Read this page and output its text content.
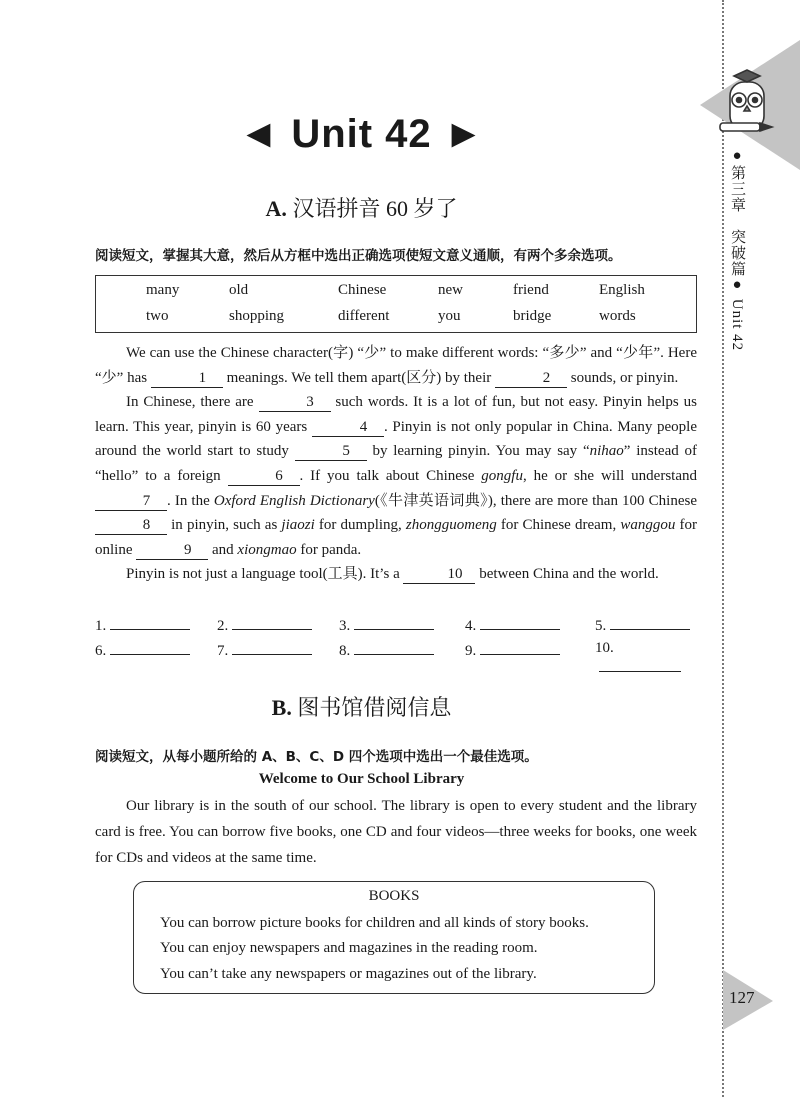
●第三章　突破篇● Unit 42
127
◄ Unit 42 ►
A. 汉语拼音 60 岁了
阅读短文，掌握其大意，然后从方框中选出正确选项使短文意义通顺，有两个多余选项。
many	old	Chinese	new	friend	English
two	shopping	different	you	bridge	words

We can use the Chinese character(字) “少” to make different words: “多少” and “少年”. Here “少” has	1 meanings. We tell them apart(区分) by their	2 sounds, or pinyin.

In Chinese, there are	3 such words. It is a lot of fun, but not easy. Pinyin helps us learn. This year, pinyin is 60 years	4 . Pinyin is not only popular in China. Many people around the world start to study	5 by learning pinyin. You may say “nihao” instead of “hello” to a foreign	6 . If you talk about Chinese gongfu, he or she will understand 7 . In the Oxford English Dictionary(《牛津英语词典》), there are more than 100 Chinese 8 in pinyin, such as jiaozi for dumpling, zhongguomeng for Chinese dream, wanggou for online	9 and xiongmao for panda.

Pinyin is not just a language tool(工具). It’s a	10 between China and the world.

1.	2.	3.	4.	5.
6.	7.	8.	9.	10.
B. 图书馆借阅信息
阅读短文，从每小题所给的 A、B、C、D 四个选项中选出一个最佳选项。
Welcome to Our School Library

Our library is in the south of our school. The library is open to every student and the library card is free. You can borrow five books, one CD and four videos—three weeks for books, one week for CDs and videos at the same time.

BOOKS
You can borrow picture books for children and all kinds of story books.
You can enjoy newspapers and magazines in the reading room.
You can’t take any newspapers or magazines out of the library.
